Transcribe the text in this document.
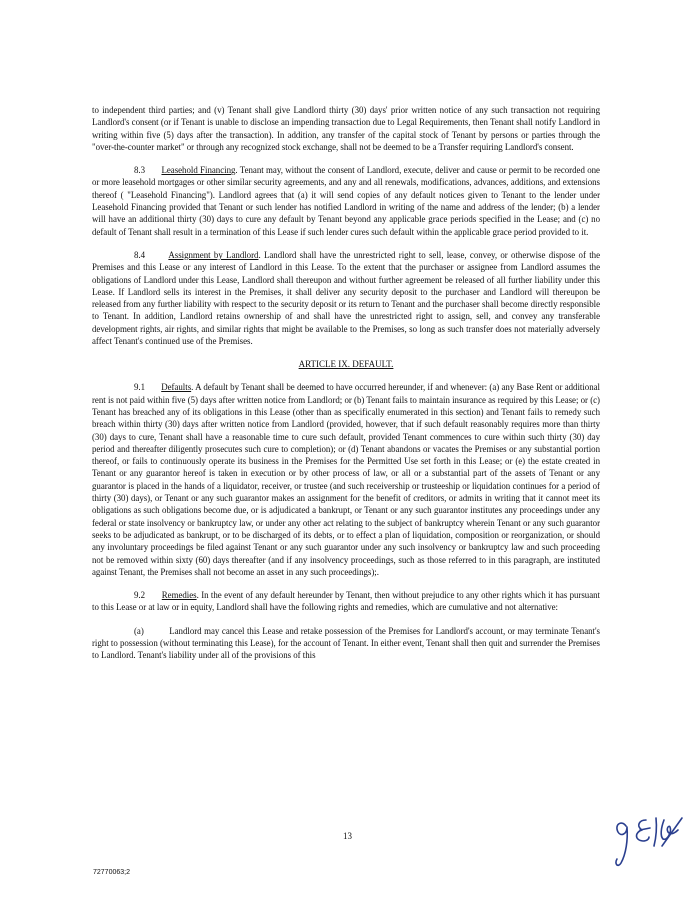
to independent third parties; and (v) Tenant shall give Landlord thirty (30) days' prior written notice of any such transaction not requiring Landlord's consent (or if Tenant is unable to disclose an impending transaction due to Legal Requirements, then Tenant shall notify Landlord in writing within five (5) days after the transaction). In addition, any transfer of the capital stock of Tenant by persons or parties through the "over-the-counter market" or through any recognized stock exchange, shall not be deemed to be a Transfer requiring Landlord's consent.

8.3 Leasehold Financing. Tenant may, without the consent of Landlord, execute, deliver and cause or permit to be recorded one or more leasehold mortgages or other similar security agreements, and any and all renewals, modifications, advances, additions, and extensions thereof ( "Leasehold Financing"). Landlord agrees that (a) it will send copies of any default notices given to Tenant to the lender under Leasehold Financing provided that Tenant or such lender has notified Landlord in writing of the name and address of the lender; (b) a lender will have an additional thirty (30) days to cure any default by Tenant beyond any applicable grace periods specified in the Lease; and (c) no default of Tenant shall result in a termination of this Lease if such lender cures such default within the applicable grace period provided to it.

8.4	Assignment by Landlord. Landlord shall have the unrestricted right to sell, lease, convey, or otherwise dispose of the Premises and this Lease or any interest of Landlord in this Lease. To the extent that the purchaser or assignee from Landlord assumes the obligations of Landlord under this Lease, Landlord shall thereupon and without further agreement be released of all further liability under this Lease. If Landlord sells its interest in the Premises, it shall deliver any security deposit to the purchaser and Landlord will thereupon be released from any further liability with respect to the security deposit or its return to Tenant and the purchaser shall become directly responsible to Tenant. In addition, Landlord retains ownership of and shall have the unrestricted right to assign, sell, and convey any transferable development rights, air rights, and similar rights that might be available to the Premises, so long as such transfer does not materially adversely affect Tenant's continued use of the Premises.

ARTICLE IX. DEFAULT.

9.1 Defaults. A default by Tenant shall be deemed to have occurred hereunder, if and whenever: (a) any Base Rent or additional rent is not paid within five (5) days after written notice from Landlord; or (b) Tenant fails to maintain insurance as required by this Lease; or (c) Tenant has breached any of its obligations in this Lease (other than as specifically enumerated in this section) and Tenant fails to remedy such breach within thirty (30) days after written notice from Landlord (provided, however, that if such default reasonably requires more than thirty (30) days to cure, Tenant shall have a reasonable time to cure such default, provided Tenant commences to cure within such thirty (30) day period and thereafter diligently prosecutes such cure to completion); or (d) Tenant abandons or vacates the Premises or any substantial portion thereof, or fails to continuously operate its business in the Premises for the Permitted Use set forth in this Lease; or (e) the estate created in Tenant or any guarantor hereof is taken in execution or by other process of law, or all or a substantial part of the assets of Tenant or any guarantor is placed in the hands of a liquidator, receiver, or trustee (and such receivership or trusteeship or liquidation continues for a period of thirty (30) days), or Tenant or any such guarantor makes an assignment for the benefit of creditors, or admits in writing that it cannot meet its obligations as such obligations become due, or is adjudicated a bankrupt, or Tenant or any such guarantor institutes any proceedings under any federal or state insolvency or bankruptcy law, or under any other act relating to the subject of bankruptcy wherein Tenant or any such guarantor seeks to be adjudicated as bankrupt, or to be discharged of its debts, or to effect a plan of liquidation, composition or reorganization, or should any involuntary proceedings be filed against Tenant or any such guarantor under any such insolvency or bankruptcy law and such proceeding not be removed within sixty (60) days thereafter (and if any insolvency proceedings, such as those referred to in this paragraph, are instituted against Tenant, the Premises shall not become an asset in any such proceedings);.

9.2 Remedies. In the event of any default hereunder by Tenant, then without prejudice to any other rights which it has pursuant to this Lease or at law or in equity, Landlord shall have the following rights and remedies, which are cumulative and not alternative:

(a)	Landlord may cancel this Lease and retake possession of the Premises for Landlord's account, or may terminate Tenant's right to possession (without terminating this Lease), for the account of Tenant. In either event, Tenant shall then quit and surrender the Premises to Landlord. Tenant's liability under all of the provisions of this

13
72770063;2
